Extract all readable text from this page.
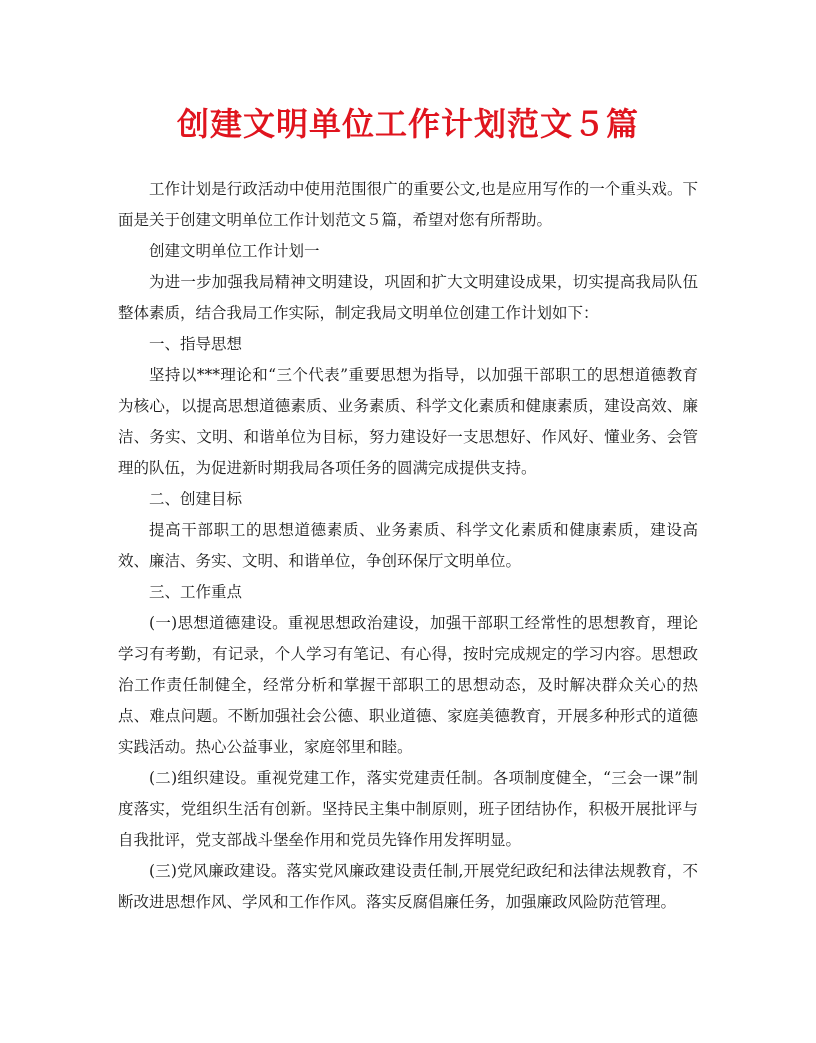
创建文明单位工作计划范文５篇

工作计划是行政活动中使用范围很广的重要公文,也是应用写作的一个重头戏。下面是关于创建文明单位工作计划范文５篇，希望对您有所帮助。

创建文明单位工作计划一

为进一步加强我局精神文明建设，巩固和扩大文明建设成果，切实提高我局队伍整体素质，结合我局工作实际，制定我局文明单位创建工作计划如下：

一、指导思想

坚持以***理论和“三个代表”重要思想为指导，以加强干部职工的思想道德教育为核心，以提高思想道德素质、业务素质、科学文化素质和健康素质，建设高效、廉洁、务实、文明、和谐单位为目标，努力建设好一支思想好、作风好、懂业务、会管理的队伍，为促进新时期我局各项任务的圆满完成提供支持。

二、创建目标

提高干部职工的思想道德素质、业务素质、科学文化素质和健康素质，建设高效、廉洁、务实、文明、和谐单位，争创环保厅文明单位。

三、工作重点

(一)思想道德建设。重视思想政治建设，加强干部职工经常性的思想教育，理论学习有考勤，有记录，个人学习有笔记、有心得，按时完成规定的学习内容。思想政治工作责任制健全，经常分析和掌握干部职工的思想动态，及时解决群众关心的热点、难点问题。不断加强社会公德、职业道德、家庭美德教育，开展多种形式的道德实践活动。热心公益事业，家庭邻里和睦。

(二)组织建设。重视党建工作，落实党建责任制。各项制度健全，“三会一课”制度落实，党组织生活有创新。坚持民主集中制原则，班子团结协作，积极开展批评与自我批评，党支部战斗堡垒作用和党员先锋作用发挥明显。

(三)党风廉政建设。落实党风廉政建设责任制,开展党纪政纪和法律法规教育，不断改进思想作风、学风和工作作风。落实反腐倡廉任务，加强廉政风险防范管理。
